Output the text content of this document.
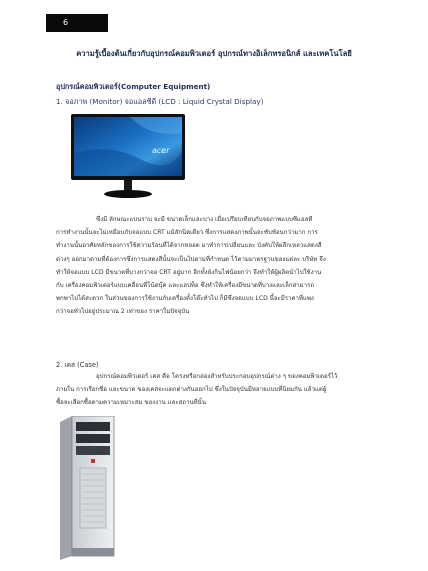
6
ความรู้เบื้องต้นเกี่ยวกับอุปกรณ์คอมพิวเตอร์ อุปกรณ์ทางอิเล็กทรอนิกส์ และเทคโนโลยี
อุปกรณ์คอมพิวเตอร์(Computer Equipment)
1. จอภาพ (Monitor) จอแอลซีดี (LCD : Liquid Crystal Display)
acer
ซึ่งมี ลักษณะแบนราบ จะมี ขนาดเล็กและบาง เมื่อเปรียบเทียบกับจอภาพแบบซีแอลที
การทำงานนั้นจะไม่เหมือนกับจอแบบ CRT แม้สักนิดเดียว ซึ่งการแสดงภาพนั้นจะซับซ้อนกว่ามาก การ
ทำงานนั้นอาศัยหลักของการใช้ความร้อนที่ได้จากหลอด มาทำการเปลี่ยนและ บังคับให้ผลึกเหลวแสดงสี
ต่างๆ ออกมาตามที่ต้องการซึ่งการแสดงสีนั้นจะเป็นไปตามที่กำหนด ไว้ตามมาตรฐานของแต่ละ บริษัท จึง
ทำให้จอแบบ LCD มีขนาดที่บางกว่าจอ CRT อยู่มาก อีกทั้งยังกินไฟน้อยกว่า จึงทำให้ผู้ผลิตนำไปใช้งาน
กับ เครื่องคอมพิวเตอร์แบบเคลื่อนที่โน้ตบุ๊ค และแลปท็อ ซึ่งทำให้เครื่องมีขนาดที่บางและเล็กสามารถ
พกพาไปได้สะดวก ในส่วนของการใช้งานกับเครื่องตั้งโต๊ะทั่วไป ก็มีซึ่งจอแบบ LCD นี้จะมีราคาที่แพง
กว่าจอทั่วไปอยู่ประมาณ 2 เท่าของ ราคาในปัจจุบัน
2. เคส (Case)
อุปกรณ์คอมพิวเตอร์ เคส คือ โครงหรือกล่องสำหรับประกอบอุปกรณ์ต่าง ๆ ของคอมพิวเตอร์ไว้
ภายใน การเรียกชื่อ และขนาด ของเคสจะแตกต่างกันออกไป ซึ่งในปัจจุบันมีหลายแบบที่นิยมกัน แล้วแต่ผู้
ซื้อจะเลือกซื้อตามความเหมาะสม ของงาน และสถานที่นั้น
